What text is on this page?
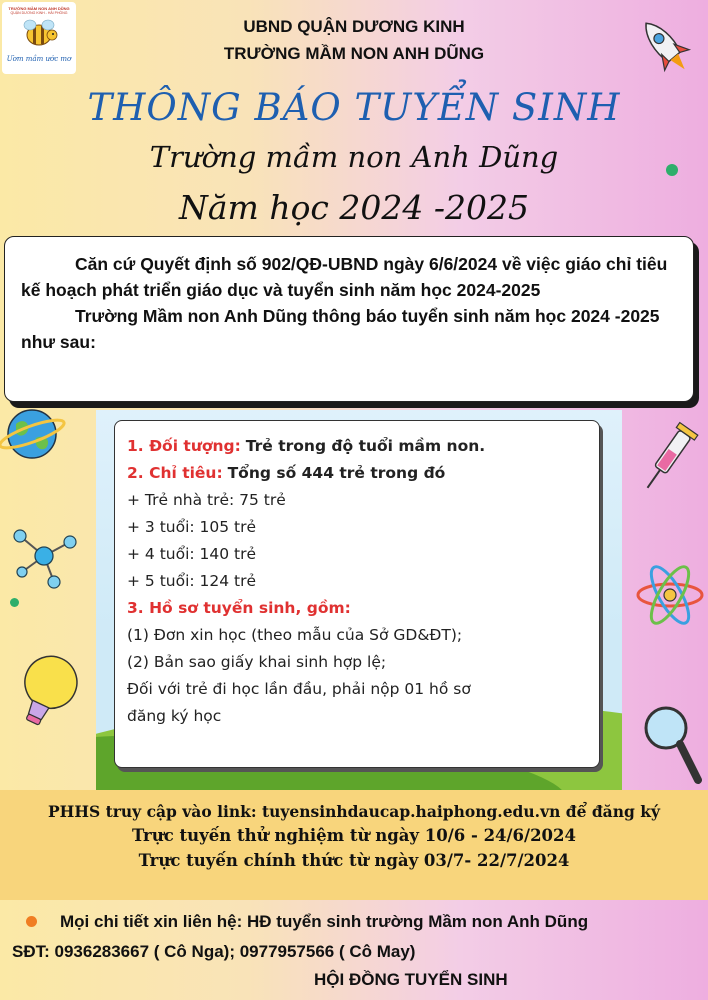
TRƯỜNG MẦM NON ANH DŨNG
QUẬN DƯƠNG KINH - HẢI PHÒNG
Ươm mầm ước mơ
UBND QUẬN DƯƠNG KINH
TRƯỜNG MẦM NON ANH DŨNG
THÔNG BÁO TUYỂN SINH
Trường mầm non Anh Dũng
Năm học 2024 -2025

Căn cứ Quyết định số 902/QĐ-UBND ngày 6/6/2024 về việc giáo chỉ tiêu kế hoạch phát triển giáo dục và tuyển sinh năm học 2024-2025

Trường Mầm non Anh Dũng thông báo tuyển sinh năm học 2024 -2025 như sau:

1. Đối tượng: Trẻ trong độ tuổi mầm non.
2. Chỉ tiêu: Tổng số 444 trẻ trong đó
+ Trẻ nhà trẻ: 75 trẻ
+ 3 tuổi: 105 trẻ
+ 4 tuổi: 140 trẻ
+ 5 tuổi: 124 trẻ
3. Hồ sơ tuyển sinh, gồm:
(1) Đơn xin học (theo mẫu của Sở GD&ĐT);
(2) Bản sao giấy khai sinh hợp lệ;
Đối với trẻ đi học lần đầu, phải nộp 01 hồ sơ
đăng ký học
PHHS truy cập vào link: tuyensinhdaucap.haiphong.edu.vn để đăng ký
Trực tuyến thử nghiệm từ ngày 10/6 - 24/6/2024
Trực tuyến chính thức từ ngày 03/7- 22/7/2024
Mọi chi tiết xin liên hệ: HĐ tuyển sinh trường Mầm non Anh Dũng
SĐT: 0936283667 ( Cô Nga); 0977957566 ( Cô May)
HỘI ĐỒNG TUYỂN SINH
